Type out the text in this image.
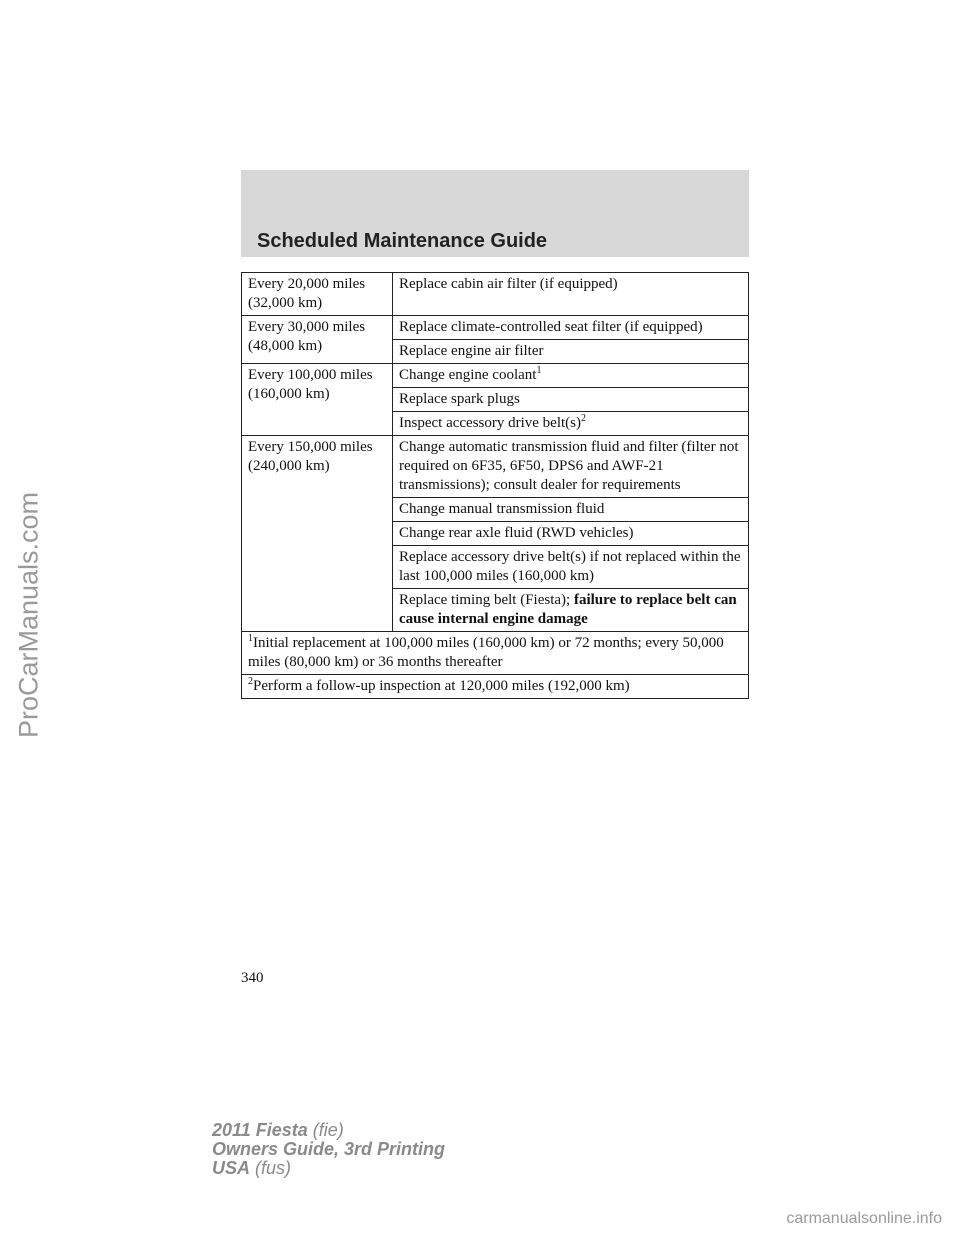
Scheduled Maintenance Guide
Every 20,000 miles (32,000 km)	Replace cabin air filter (if equipped)
Every 30,000 miles (48,000 km)	Replace climate-controlled seat filter (if equipped)
	Replace engine air filter
Every 100,000 miles (160,000 km)	Change engine coolant$^1$
	Replace spark plugs
	Inspect accessory drive $belt(s)^2$
Every 150,000 miles (240,000 km)	Change automatic transmission fluid and filter (filter not required on 6F35, 6F50, DPS6 and AWF-21 transmissions); consult dealer for requirements
	Change manual transmission fluid
	Change rear axle fluid (RWD vehicles)
	Replace accessory drive belt(s) if not replaced within the last 100,000 miles (160,000 km)
	Replace timing belt (Fiesta); failure to replace belt can cause internal engine damage
$^1$Initial replacement at 100,000 miles (160,000 km) or 72 months; every 50,000 miles (80,000 km) or 36 months thereafter	
$^2$Perform a follow-up inspection at 120,000 miles (192,000 km)	
340
2011 Fiesta (fie)
Owners Guide, 3rd Printing
USA (fus)
ProCarManuals.com
carmanualsonline.info
